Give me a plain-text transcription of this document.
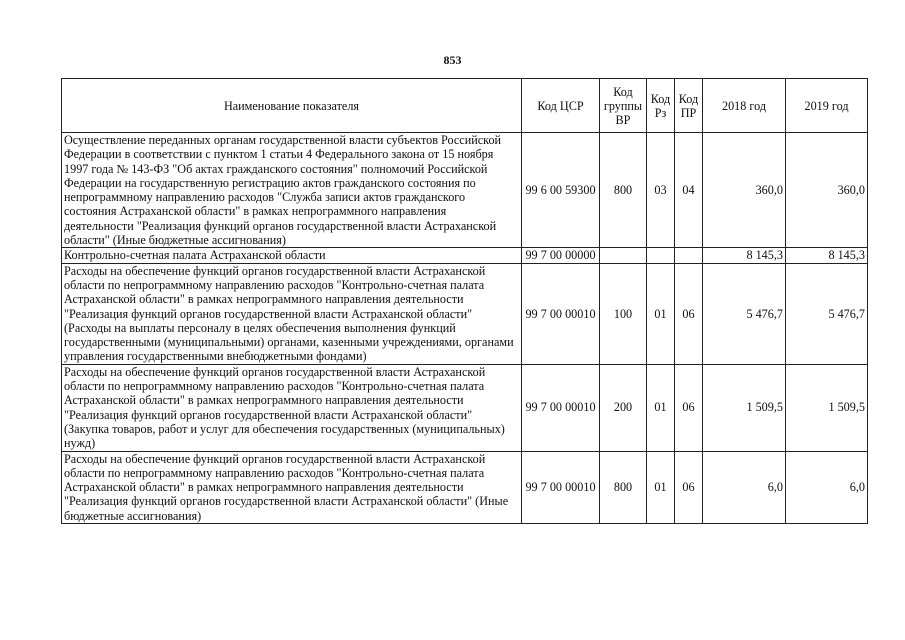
853
Наименование показателя	Код ЦСР	Код группы ВР	Код Рз	Код ПР	2018 год	2019 год
Осуществление переданных органам государственной власти субъектов Российской Федерации в соответствии с пунктом 1 статьи 4 Федерального закона от 15 ноября 1997 года № 143-ФЗ "Об актах гражданского состояния" полномочий Российской Федерации на государственную регистрацию актов гражданского состояния по непрограммному направлению расходов "Служба записи актов гражданского состояния Астраханской области" в рамках непрограммного направления деятельности "Реализация функций органов государственной власти Астраханской области" (Иные бюджетные ассигнования)	99 6 00 59300	800	03	04	360,0	360,0
Контрольно-счетная палата Астраханской области	99 7 00 00000				8 145,3	8 145,3
Расходы на обеспечение функций органов государственной власти Астраханской области по непрограммному направлению расходов "Контрольно-счетная палата Астраханской области" в рамках непрограммного направления деятельности "Реализация функций органов государственной власти Астраханской области" (Расходы на выплаты персоналу в целях обеспечения выполнения функций государственными (муниципальными) органами, казенными учреждениями, органами управления государственными внебюджетными фондами)	99 7 00 00010	100	01	06	5 476,7	5 476,7
Расходы на обеспечение функций органов государственной власти Астраханской области по непрограммному направлению расходов "Контрольно-счетная палата Астраханской области" в рамках непрограммного направления деятельности "Реализация функций органов государственной власти Астраханской области" (Закупка товаров, работ и услуг для обеспечения государственных (муниципальных) нужд)	99 7 00 00010	200	01	06	1 509,5	1 509,5
Расходы на обеспечение функций органов государственной власти Астраханской области по непрограммному направлению расходов "Контрольно-счетная палата Астраханской области" в рамках непрограммного направления деятельности "Реализация функций органов государственной власти Астраханской области" (Иные бюджетные ассигнования)	99 7 00 00010	800	01	06	6,0	6,0
